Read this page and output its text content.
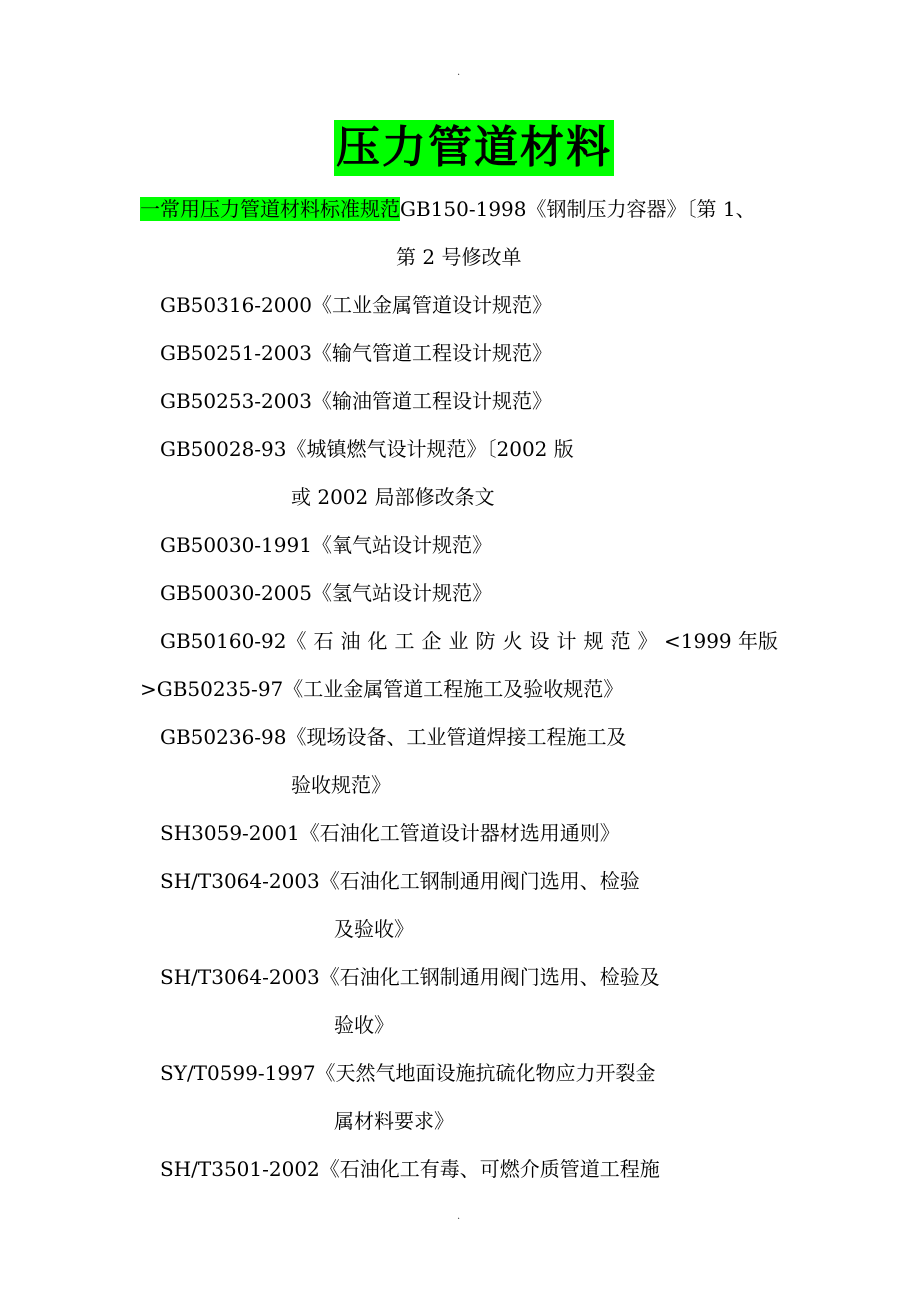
.
压力管道材料
一常用压力管道材料标准规范GB150-1998《钢制压力容器》〔第 1、
第 2 号修改单
GB50316-2000《工业金属管道设计规范》
GB50251-2003《输气管道工程设计规范》
GB50253-2003《输油管道工程设计规范》
GB50028-93《城镇燃气设计规范》〔2002 版
或 2002 局部修改条文
GB50030-1991《氧气站设计规范》
GB50030-2005《氢气站设计规范》
GB50160-92《石油化工企业防火设计规范》 <1999 年版
>GB50235-97《工业金属管道工程施工及验收规范》
GB50236-98《现场设备、工业管道焊接工程施工及
验收规范》
SH3059-2001《石油化工管道设计器材选用通则》
SH/T3064-2003《石油化工钢制通用阀门选用、检验
及验收》
SH/T3064-2003《石油化工钢制通用阀门选用、检验及
验收》
SY/T0599-1997《天然气地面设施抗硫化物应力开裂金
属材料要求》
SH/T3501-2002《石油化工有毒、可燃介质管道工程施
.
